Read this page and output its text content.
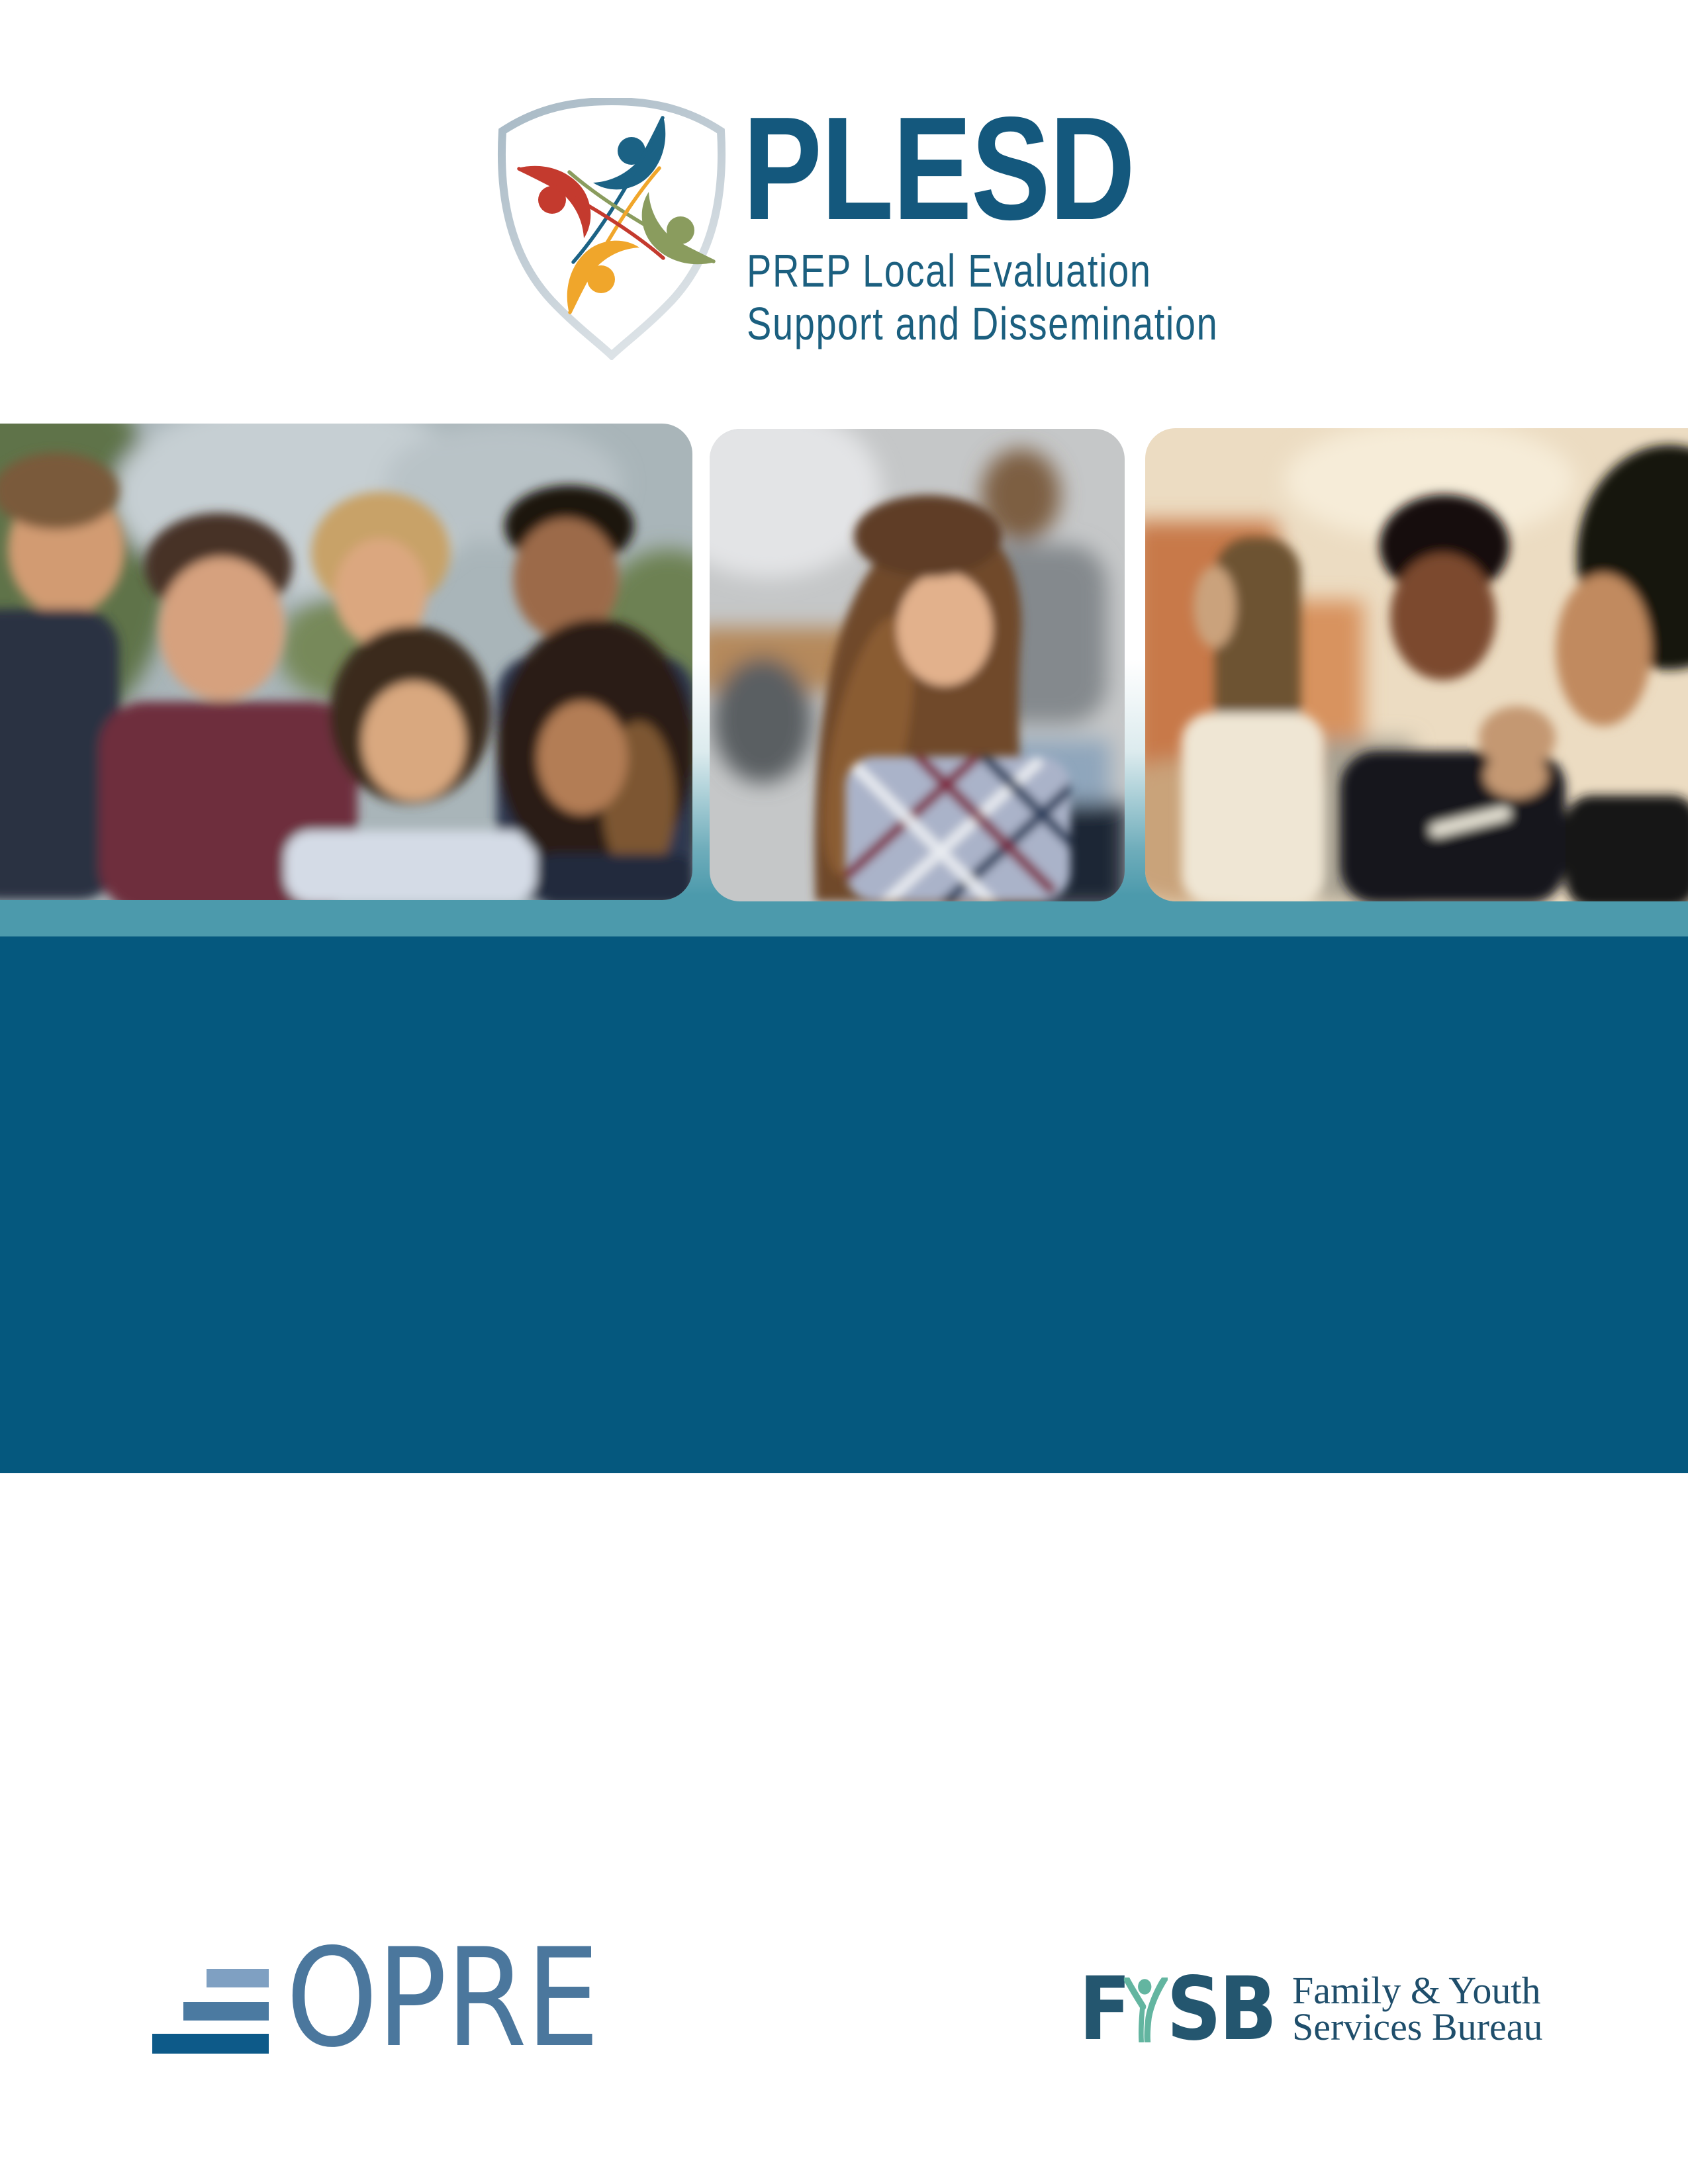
PLESD
PREP Local Evaluation
Support and Dissemination
OPRE	F SB Family & Youth
Services Bureau
